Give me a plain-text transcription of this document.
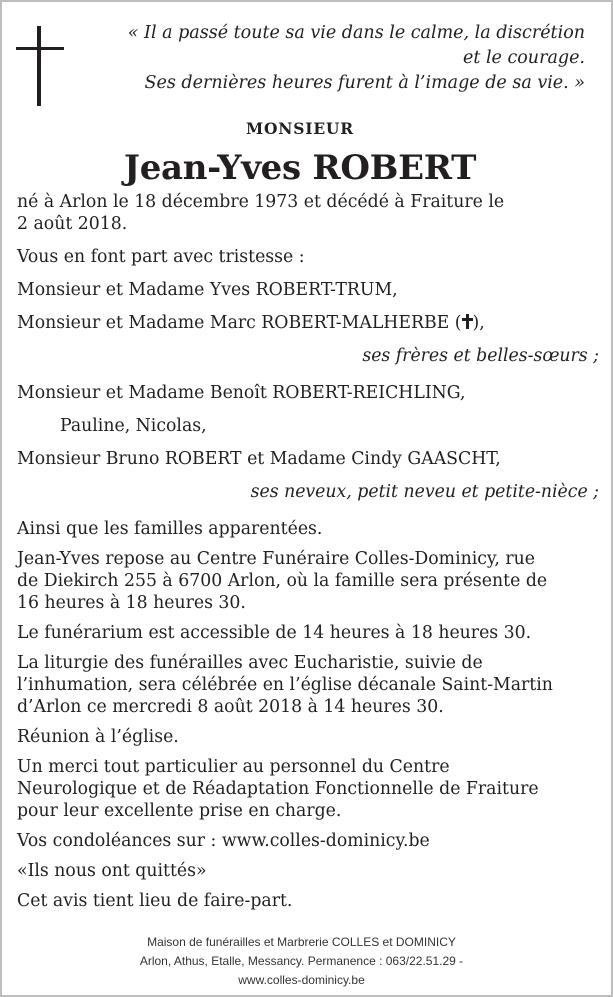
« Il a passé toute sa vie dans le calme, la discrétion
et le courage.
Ses dernières heures furent à l’image de sa vie. »
MONSIEUR
Jean-Yves ROBERT

né à Arlon le 18 décembre 1973 et décédé à Fraiture le

2 août 2018.

Vous en font part avec tristesse :

Monsieur et Madame Yves ROBERT-TRUM,

Monsieur et Madame Marc ROBERT-MALHERBE ( ),

ses frères et belles-sœurs ;

Monsieur et Madame Benoît ROBERT-REICHLING,

Pauline, Nicolas,

Monsieur Bruno ROBERT et Madame Cindy GAASCHT,

ses neveux, petit neveu et petite-nièce ;

Ainsi que les familles apparentées.

Jean-Yves repose au Centre Funéraire Colles-Dominicy, rue

de Diekirch 255 à 6700 Arlon, où la famille sera présente de

16 heures à 18 heures 30.

Le funérarium est accessible de 14 heures à 18 heures 30.

La liturgie des funérailles avec Eucharistie, suivie de

l’inhumation, sera célébrée en l’église décanale Saint-Martin

d’Arlon ce mercredi 8 août 2018 à 14 heures 30.

Réunion à l’église.

Un merci tout particulier au personnel du Centre

Neurologique et de Réadaptation Fonctionnelle de Fraiture

pour leur excellente prise en charge.

Vos condoléances sur : www.colles-dominicy.be

«Ils nous ont quittés»

Cet avis tient lieu de faire-part.

Maison de funérailles et Marbrerie COLLES et DOMINICY
Arlon, Athus, Etalle, Messancy. Permanence : 063/22.51.29 -
www.colles-dominicy.be
